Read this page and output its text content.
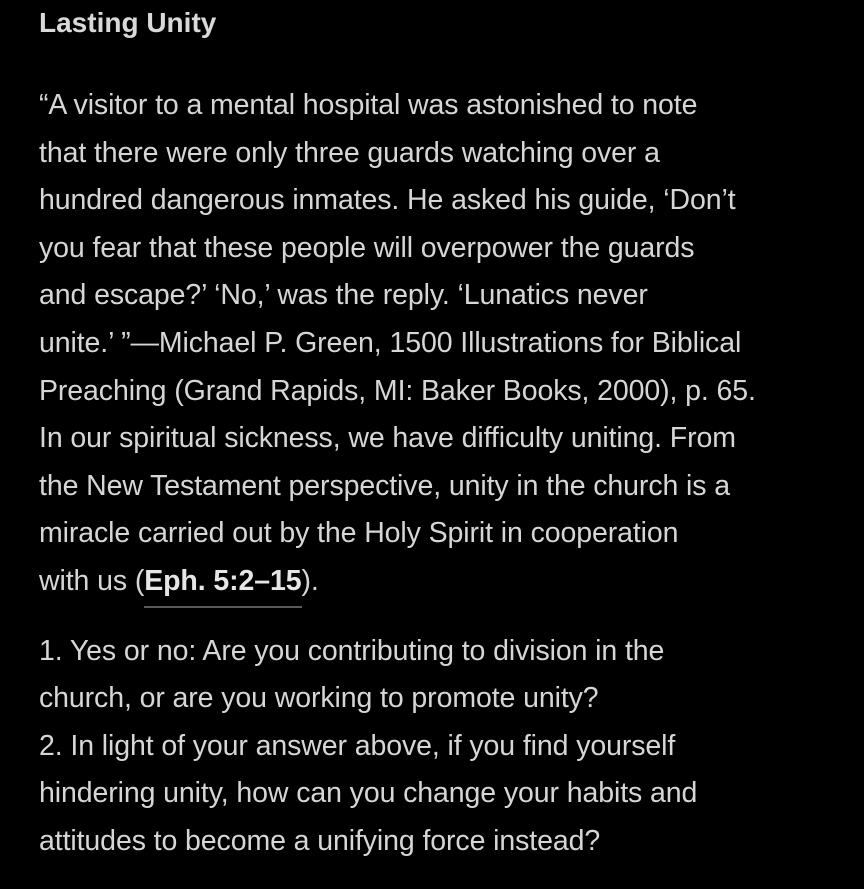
Lasting Unity

“A visitor to a mental hospital was astonished to note
that there were only three guards watching over a
hundred dangerous inmates. He asked his guide, ‘Don’t
you fear that these people will overpower the guards
and escape?’ ‘No,’ was the reply. ‘Lunatics never
unite.’ ”—Michael P. Green, 1500 Illustrations for Biblical
Preaching (Grand Rapids, MI: Baker Books, 2000), p. 65.
In our spiritual sickness, we have difficulty uniting. From
the New Testament perspective, unity in the church is a
miracle carried out by the Holy Spirit in cooperation
with us (Eph. 5:2–15).

1. Yes or no: Are you contributing to division in the
church, or are you working to promote unity?
2. In light of your answer above, if you find yourself
hindering unity, how can you change your habits and
attitudes to become a unifying force instead?
